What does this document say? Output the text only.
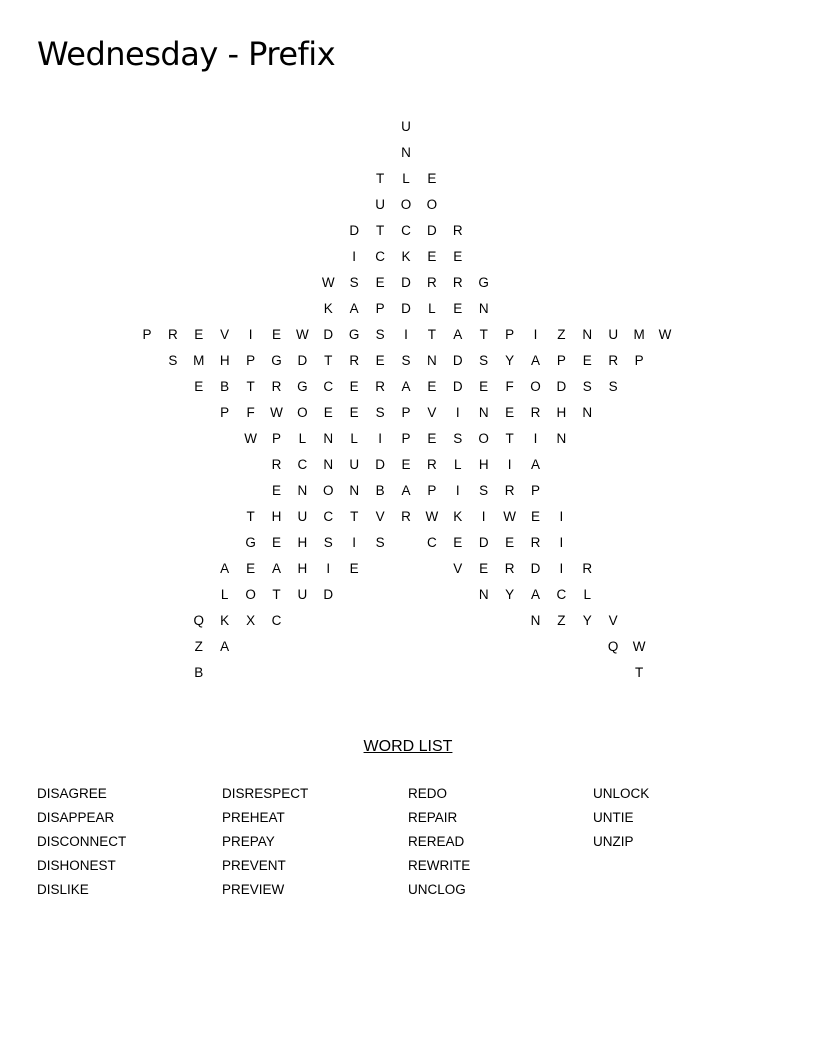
Wednesday - Prefix
U
N
T	L	E
U	O	O
D	T	C	D	R
I	C	K	E	E
W	S	E	D	R	R	G
K	A	P	D	L	E	N
P	R	E	V	I	E	W	D	G	S	I	T	A	T	P	I	Z	N	U	M	W
S	M	H	P	G	D	T	R	E	S	N	D	S	Y	A	P	E	R	P
E	B	T	R	G	C	E	R	A	E	D	E	F	O	D	S	S
P	F	W	O	E	E	S	P	V	I	N	E	R	H	N
W	P	L	N	L	I	P	E	S	O	T	I	N
R	C	N	U	D	E	R	L	H	I	A
E	N	O	N	B	A	P	I	S	R	P
T	H	U	C	T	V	R	W	K	I	W	E	I
G	E	H	S	I	S	C	E	D	E	R	I
A	E	A	H	I	E	V	E	R	D	I	R
L	O	T	U	D	N	Y	A	C	L
Q	K	X	C	N	Z	Y	V
Z	A	Q	W
B	T
WORD LIST
DISAGREE
DISAPPEAR
DISCONNECT
DISHONEST
DISLIKE
DISRESPECT
PREHEAT
PREPAY
PREVENT
PREVIEW
REDO
REPAIR
REREAD
REWRITE
UNCLOG
UNLOCK
UNTIE
UNZIP
